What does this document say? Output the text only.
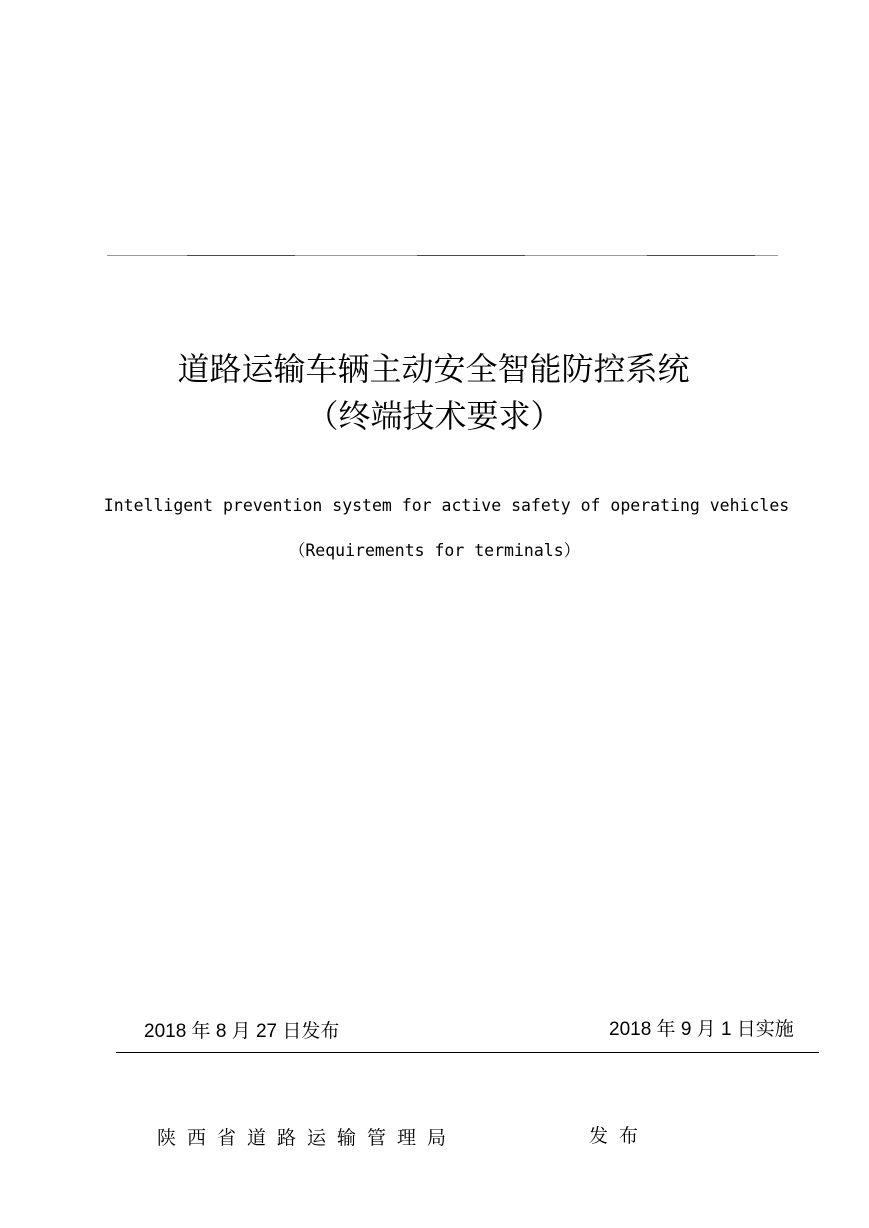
道路运输车辆主动安全智能防控系统
（终端技术要求）
Intelligent prevention system for active safety of operating vehicles
（Requirements for terminals）
2018 年 8 月 27 日发布	2018 年 9 月 1 日实施
陕西省道路运输管理局	发布
